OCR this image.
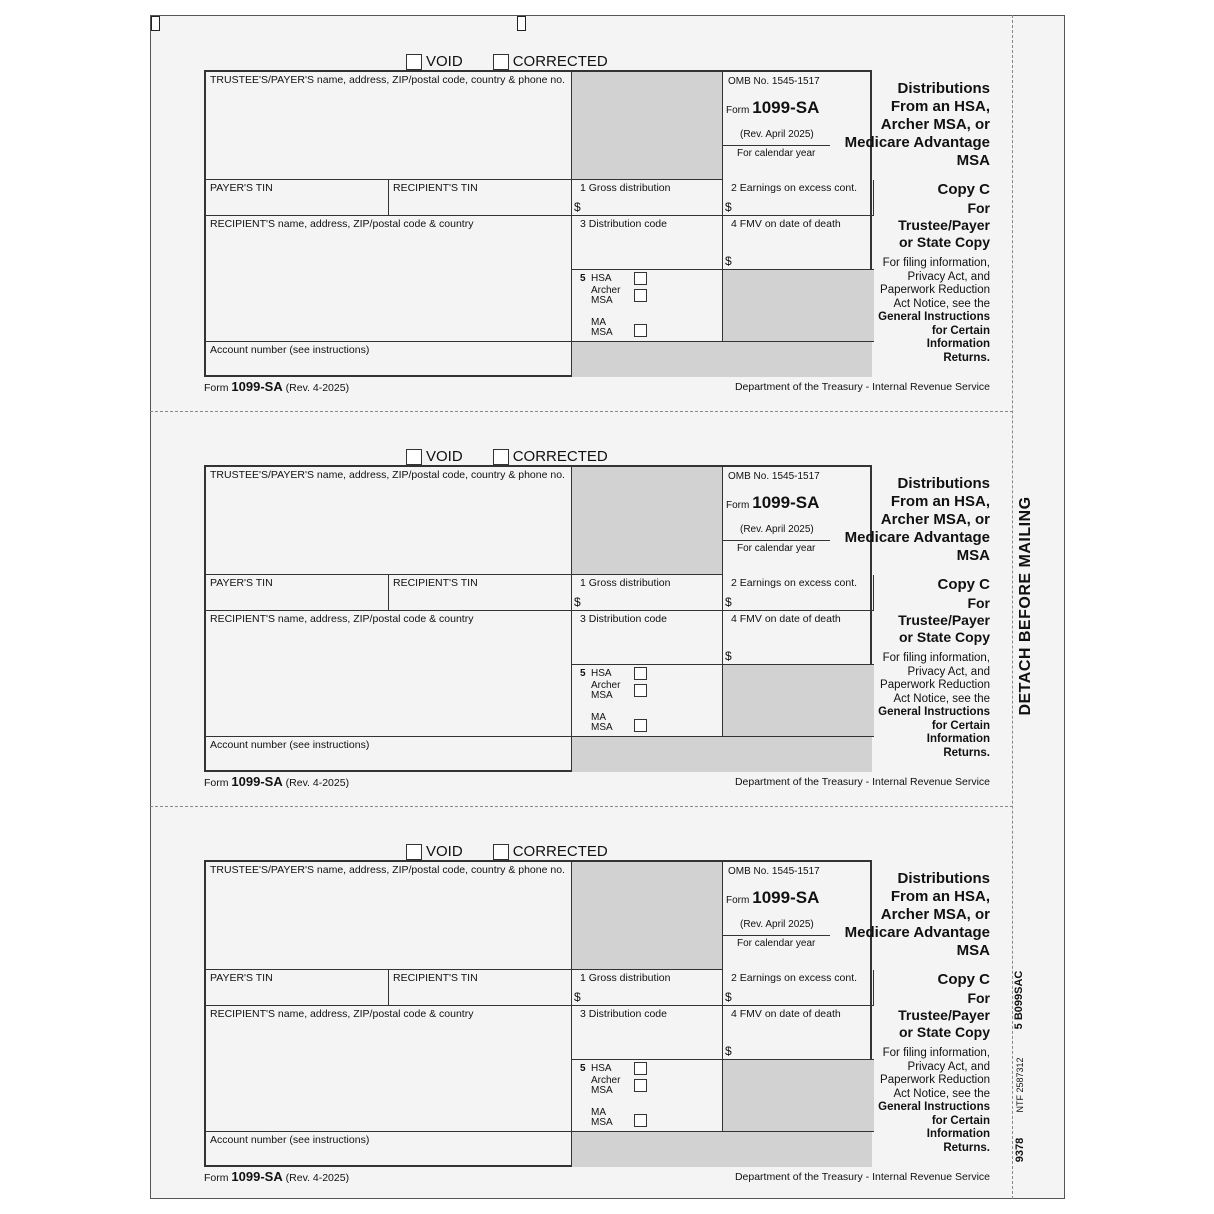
DETACH BEFORE MAILING
5 B099SAC
NTF 2587312
9378
VOID	CORRECTED
TRUSTEE'S/PAYER'S name, address, ZIP/postal code, country & phone no.	OMB No. 1545-1517
Form 1099-SA
(Rev. April 2025)
For calendar year
PAYER'S TIN	RECIPIENT'S TIN	1 Gross distribution
$
2 Earnings on excess cont.
$
RECIPIENT'S name, address, ZIP/postal code & country	3 Distribution code	4 FMV on date of death
$
5 HSA
Archer
MSA
MA
MSA
Account number (see instructions)
Distributions
From an HSA,
Archer MSA, or
Medicare Advantage
MSA
Copy C
For
Trustee/Payer
or State Copy
For filing information,
Privacy Act, and
Paperwork Reduction
Act Notice, see the
General Instructions
for Certain
Information
Returns.
Form 1099-SA (Rev. 4-2025)	Department of the Treasury - Internal Revenue Service
VOID	CORRECTED
TRUSTEE'S/PAYER'S name, address, ZIP/postal code, country & phone no.	OMB No. 1545-1517
Form 1099-SA
(Rev. April 2025)
For calendar year
PAYER'S TIN	RECIPIENT'S TIN	1 Gross distribution
$
2 Earnings on excess cont.
$
RECIPIENT'S name, address, ZIP/postal code & country	3 Distribution code	4 FMV on date of death
$
5 HSA
Archer
MSA
MA
MSA
Account number (see instructions)
Distributions
From an HSA,
Archer MSA, or
Medicare Advantage
MSA
Copy C
For
Trustee/Payer
or State Copy
For filing information,
Privacy Act, and
Paperwork Reduction
Act Notice, see the
General Instructions
for Certain
Information
Returns.
Form 1099-SA (Rev. 4-2025)	Department of the Treasury - Internal Revenue Service
VOID	CORRECTED
TRUSTEE'S/PAYER'S name, address, ZIP/postal code, country & phone no.	OMB No. 1545-1517
Form 1099-SA
(Rev. April 2025)
For calendar year
PAYER'S TIN	RECIPIENT'S TIN	1 Gross distribution
$
2 Earnings on excess cont.
$
RECIPIENT'S name, address, ZIP/postal code & country	3 Distribution code	4 FMV on date of death
$
5 HSA
Archer
MSA
MA
MSA
Account number (see instructions)
Distributions
From an HSA,
Archer MSA, or
Medicare Advantage
MSA
Copy C
For
Trustee/Payer
or State Copy
For filing information,
Privacy Act, and
Paperwork Reduction
Act Notice, see the
General Instructions
for Certain
Information
Returns.
Form 1099-SA (Rev. 4-2025)	Department of the Treasury - Internal Revenue Service
